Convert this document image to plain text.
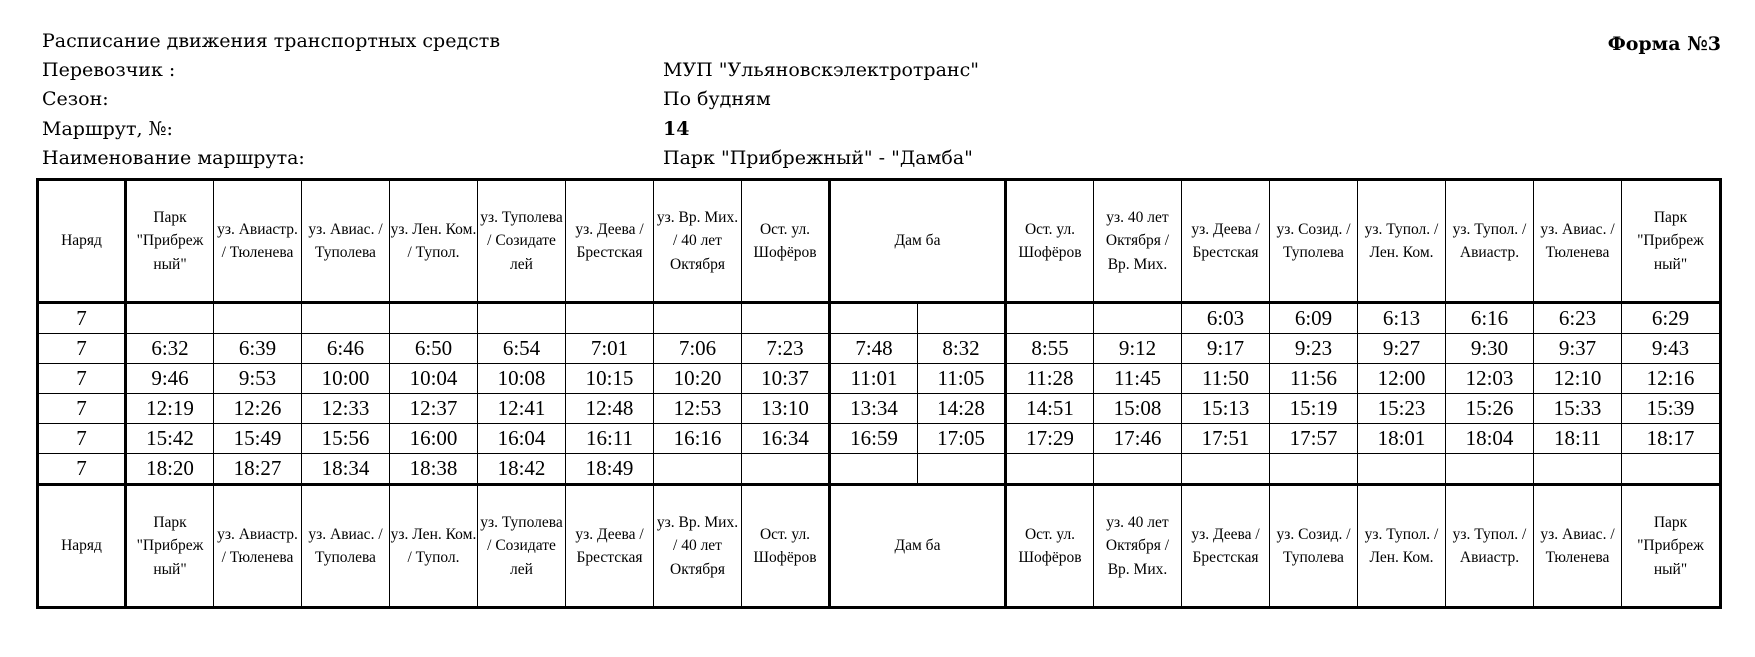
Расписание движения транспортных средств	Форма №3
Перевозчик :	МУП "Ульяновскэлектротранс"
Сезон:	По будням
Маршрут, №:	14
Наименование маршрута:	Парк "Прибрежный" - "Дамба"
Наряд	Парк "Прибреж ный"	уз. Авиастр. / Тюленева	уз. Авиас. / Туполева	уз. Лен. Ком. / Тупол.	уз. Туполева / Созидате лей	уз. Деева / Брестская	уз. Вр. Мих. / 40 лет Октября	Ост. ул. Шофёров	Дам ба		Ост. ул. Шофёров	уз. 40 лет Октября / Вр. Мих.	уз. Деева / Брестская	уз. Созид. / Туполева	уз. Тупол. / Лен. Ком.	уз. Тупол. / Авиастр.	уз. Авиас. / Тюленева	Парк "Прибреж ный"
7													6:03	6:09	6:13	6:16	6:23	6:29
7	6:32	6:39	6:46	6:50	6:54	7:01	7:06	7:23	7:48	8:32	8:55	9:12	9:17	9:23	9:27	9:30	9:37	9:43
7	9:46	9:53	10:00	10:04	10:08	10:15	10:20	10:37	11:01	11:05	11:28	11:45	11:50	11:56	12:00	12:03	12:10	12:16
7	12:19	12:26	12:33	12:37	12:41	12:48	12:53	13:10	13:34	14:28	14:51	15:08	15:13	15:19	15:23	15:26	15:33	15:39
7	15:42	15:49	15:56	16:00	16:04	16:11	16:16	16:34	16:59	17:05	17:29	17:46	17:51	17:57	18:01	18:04	18:11	18:17
7	18:20	18:27	18:34	18:38	18:42	18:49												
Наряд	Парк "Прибреж ный"	уз. Авиастр. / Тюленева	уз. Авиас. / Туполева	уз. Лен. Ком. / Тупол.	уз. Туполева / Созидате лей	уз. Деева / Брестская	уз. Вр. Мих. / 40 лет Октября	Ост. ул. Шофёров	Дам ба		Ост. ул. Шофёров	уз. 40 лет Октября / Вр. Мих.	уз. Деева / Брестская	уз. Созид. / Туполева	уз. Тупол. / Лен. Ком.	уз. Тупол. / Авиастр.	уз. Авиас. / Тюленева	Парк "Прибреж ный"
